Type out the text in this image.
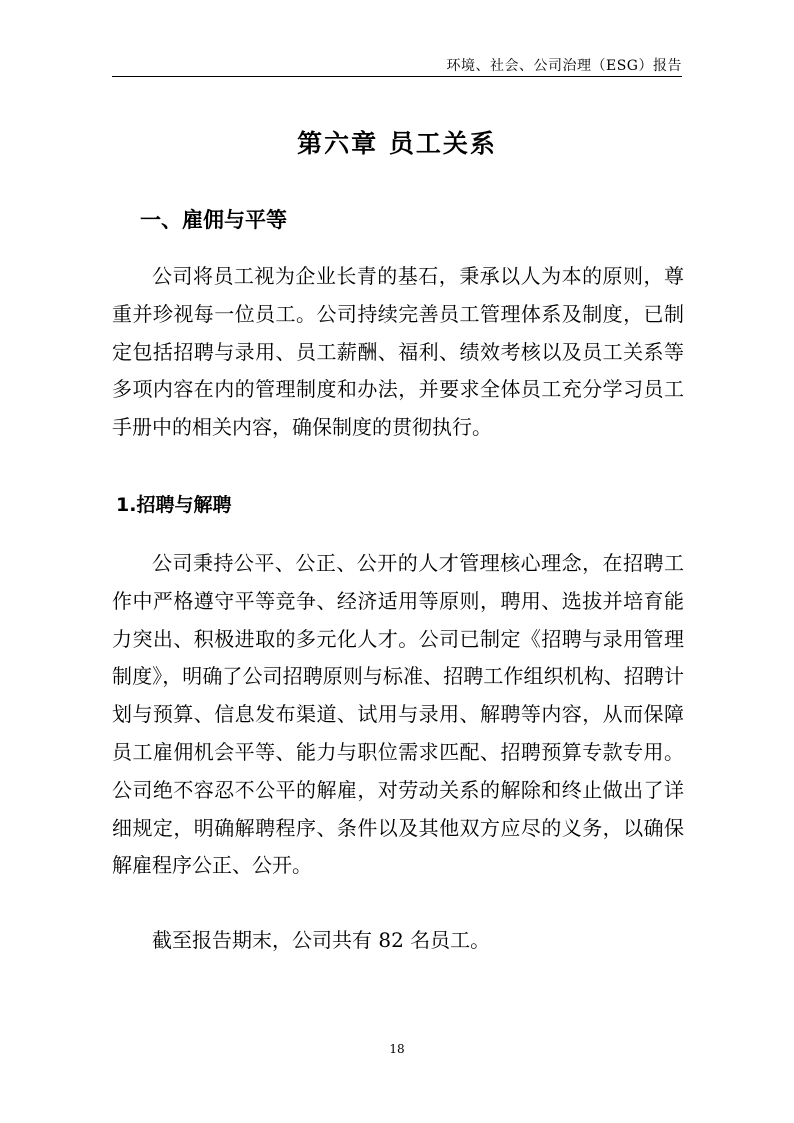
环境、社会、公司治理（ESG）报告
第六章 员工关系
一、雇佣与平等

公司将员工视为企业长青的基石，秉承以人为本的原则，尊重并珍视每一位员工。公司持续完善员工管理体系及制度，已制定包括招聘与录用、员工薪酬、福利、绩效考核以及员工关系等多项内容在内的管理制度和办法，并要求全体员工充分学习员工手册中的相关内容，确保制度的贯彻执行。

1.招聘与解聘

公司秉持公平、公正、公开的人才管理核心理念，在招聘工作中严格遵守平等竞争、经济适用等原则，聘用、选拔并培育能力突出、积极进取的多元化人才。公司已制定《招聘与录用管理制度》，明确了公司招聘原则与标准、招聘工作组织机构、招聘计划与预算、信息发布渠道、试用与录用、解聘等内容，从而保障员工雇佣机会平等、能力与职位需求匹配、招聘预算专款专用。公司绝不容忍不公平的解雇，对劳动关系的解除和终止做出了详细规定，明确解聘程序、条件以及其他双方应尽的义务，以确保解雇程序公正、公开。

截至报告期末，公司共有 82 名员工。

18
